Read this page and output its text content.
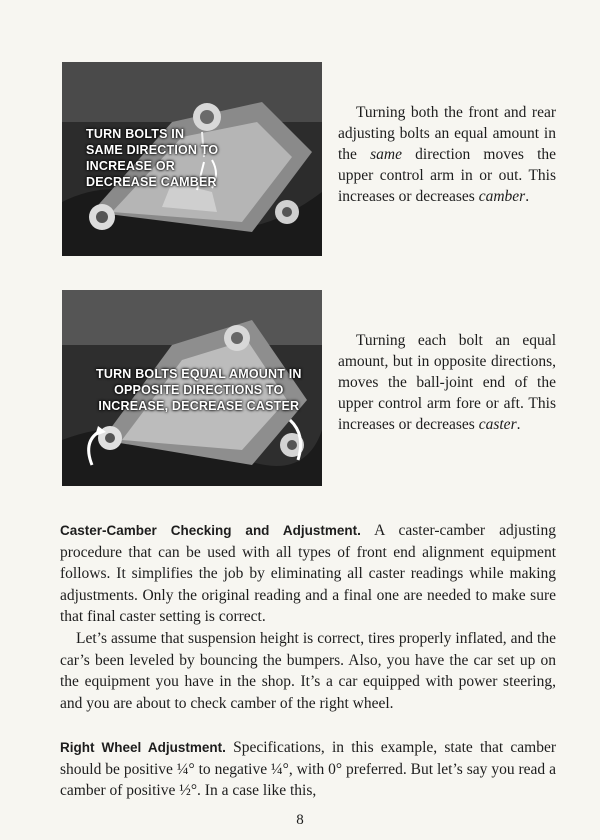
TURN BOLTS IN
SAME DIRECTION TO
INCREASE OR
DECREASE CAMBER
Turning both the front and rear adjusting bolts an equal amount in the same direction moves the upper control arm in or out. This increases or decreases camber.
TURN BOLTS EQUAL AMOUNT IN
OPPOSITE DIRECTIONS TO
INCREASE, DECREASE CASTER
Turning each bolt an equal amount, but in opposite directions, moves the ball-joint end of the upper control arm fore or aft. This increases or decreases caster.
Caster-Camber Checking and Adjustment. A caster-camber adjusting procedure that can be used with all types of front end alignment equipment follows. It simplifies the job by eliminating all caster readings while making adjustments. Only the original reading and a final one are needed to make sure that final caster setting is correct.
Let’s assume that suspension height is correct, tires properly inflated, and the car’s been leveled by bouncing the bumpers. Also, you have the car set up on the equipment you have in the shop. It’s a car equipped with power steering, and you are about to check camber of the right wheel.
Right Wheel Adjustment. Specifications, in this example, state that camber should be positive ¼° to negative ¼°, with 0° preferred. But let’s say you read a camber of positive ½°. In a case like this,
8
